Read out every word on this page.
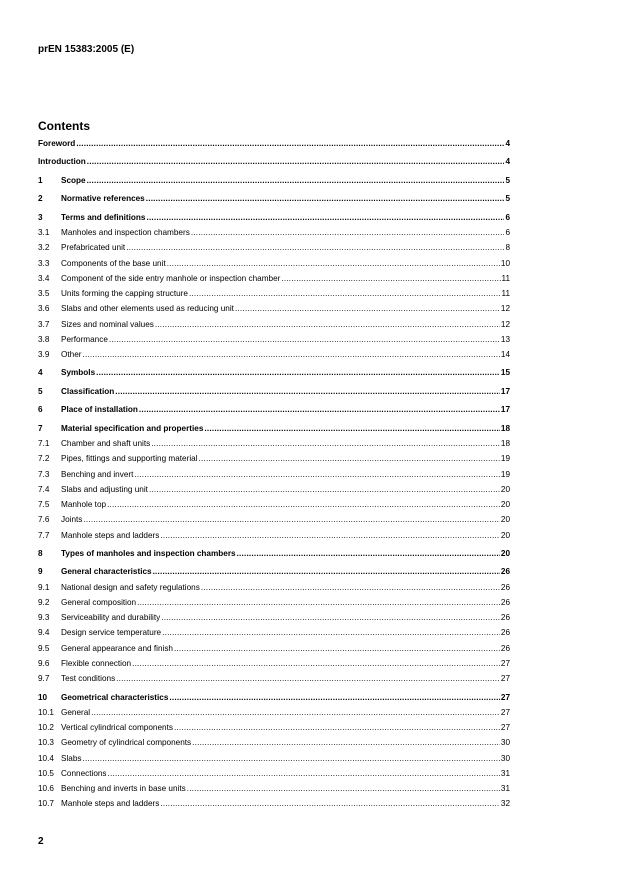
prEN 15383:2005 (E)
Contents
Foreword .....	4
Introduction .....	4
1	Scope .....	5
2	Normative references .....	5
3	Terms and definitions .....	6
3.1	Manholes and inspection chambers .....	6
3.2	Prefabricated unit .....	8
3.3	Components of the base unit .....	10
3.4	Component of the side entry manhole or inspection chamber .....	11
3.5	Units forming the capping structure .....	11
3.6	Slabs and other elements used as reducing unit .....	12
3.7	Sizes and nominal values .....	12
3.8	Performance .....	13
3.9	Other .....	14
4	Symbols .....	15
5	Classification .....	17
6	Place of installation .....	17
7	Material specification and properties .....	18
7.1	Chamber and shaft units .....	18
7.2	Pipes, fittings and supporting material .....	19
7.3	Benching and invert .....	19
7.4	Slabs and adjusting unit .....	20
7.5	Manhole top .....	20
7.6	Joints .....	20
7.7	Manhole steps and ladders .....	20
8	Types of manholes and inspection chambers .....	20
9	General characteristics .....	26
9.1	National design and safety regulations .....	26
9.2	General composition .....	26
9.3	Serviceability and durability .....	26
9.4	Design service temperature .....	26
9.5	General appearance and finish .....	26
9.6	Flexible connection .....	27
9.7	Test conditions .....	27
10	Geometrical characteristics .....	27
10.1 General .....	27
10.2 Vertical cylindrical components .....	27
10.3 Geometry of cylindrical components .....	30
10.4 Slabs .....	30
10.5 Connections .....	31
10.6 Benching and inverts in base units .....	31
10.7 Manhole steps and ladders .....	32
2
